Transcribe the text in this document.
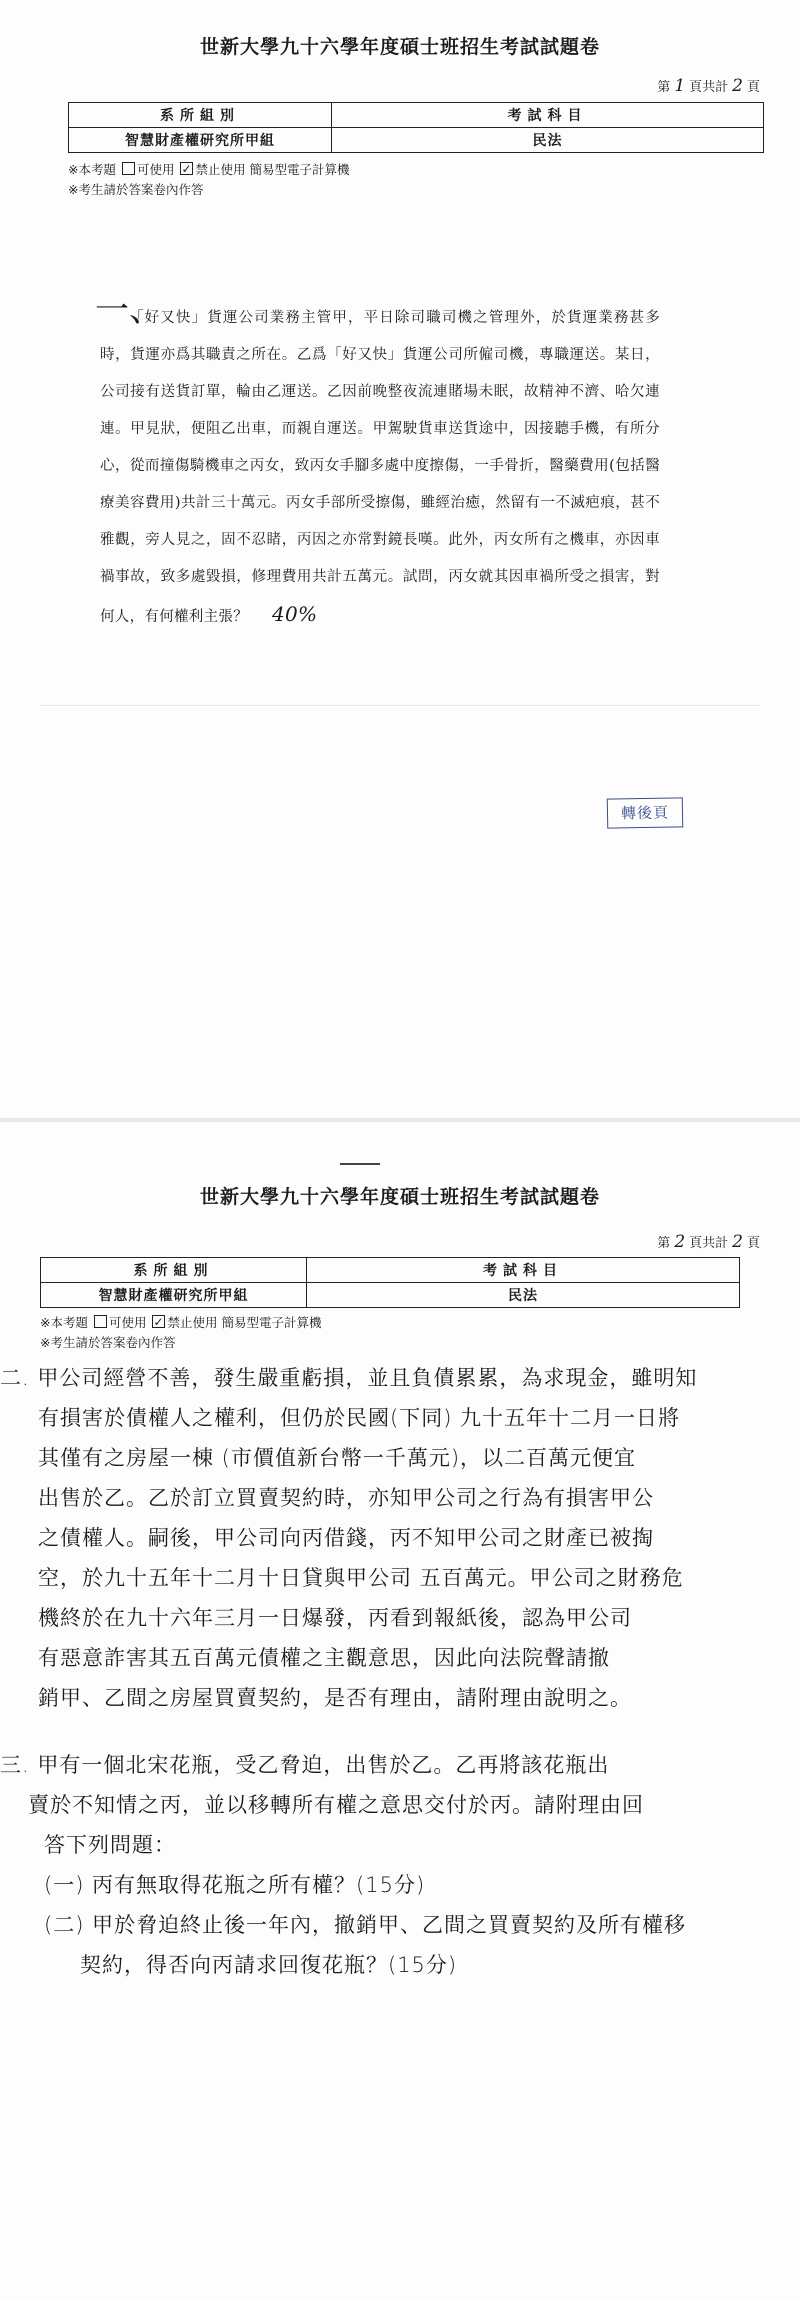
世新大學九十六學年度碩士班招生考試試題卷
第 1 頁共計 2 頁
系所組別	考試科目
智慧財產權研究所甲組	民法
※本考題 可使用 ✓ 禁止使用 簡易型電子計算機
※考生請於答案卷內作答
一、

「好又快」貨運公司業務主管甲，平日除司職司機之管理外，於貨運業務甚多時，貨運亦爲其職責之所在。乙爲「好又快」貨運公司所僱司機，專職運送。某日，公司接有送貨訂單，輪由乙運送。乙因前晚整夜流連賭場未眠，故精神不濟、哈欠連連。甲見狀，便阻乙出車，而親自運送。甲駕駛貨車送貨途中，因接聽手機，有所分心，從而撞傷騎機車之丙女，致丙女手腳多處中度擦傷，一手骨折，醫藥費用(包括醫療美容費用)共計三十萬元。丙女手部所受擦傷，雖經治癒，然留有一不滅疤痕，甚不雅觀，旁人見之，固不忍睹，丙因之亦常對鏡長嘆。此外，丙女所有之機車，亦因車禍事故，致多處毀損，修理費用共計五萬元。試問，丙女就其因車禍所受之損害，對何人，有何權利主張？ 40%

轉後頁
世新大學九十六學年度碩士班招生考試試題卷
第 2 頁共計 2 頁
系所組別	考試科目
智慧財產權研究所甲組	民法
※本考題 可使用 ✓ 禁止使用 簡易型電子計算機
※考生請於答案卷內作答
二. 甲公司經營不善，發生嚴重虧損，並且負債累累，為求現金，雖明知
有損害於債權人之權利，但仍於民國(下同) 九十五年十二月一日將
其僅有之房屋一棟 (市價值新台幣一千萬元)，以二百萬元便宜
出售於乙。乙於訂立買賣契約時，亦知甲公司之行為有損害甲公
之債權人。嗣後，甲公司向丙借錢，丙不知甲公司之財產已被掏
空，於九十五年十二月十日貸與甲公司 五百萬元。甲公司之財務危
機終於在九十六年三月一日爆發，丙看到報紙後，認為甲公司
有惡意詐害其五百萬元債權之主觀意思，因此向法院聲請撤
銷甲、乙間之房屋買賣契約，是否有理由，請附理由說明之。
三. 甲有一個北宋花瓶，受乙脅迫，出售於乙。乙再將該花瓶出
賣於不知情之丙，並以移轉所有權之意思交付於丙。請附理由回
答下列問題：
(一) 丙有無取得花瓶之所有權？(15分)
(二) 甲於脅迫終止後一年內，撤銷甲、乙間之買賣契約及所有權移
契約，得否向丙請求回復花瓶？(15分)
